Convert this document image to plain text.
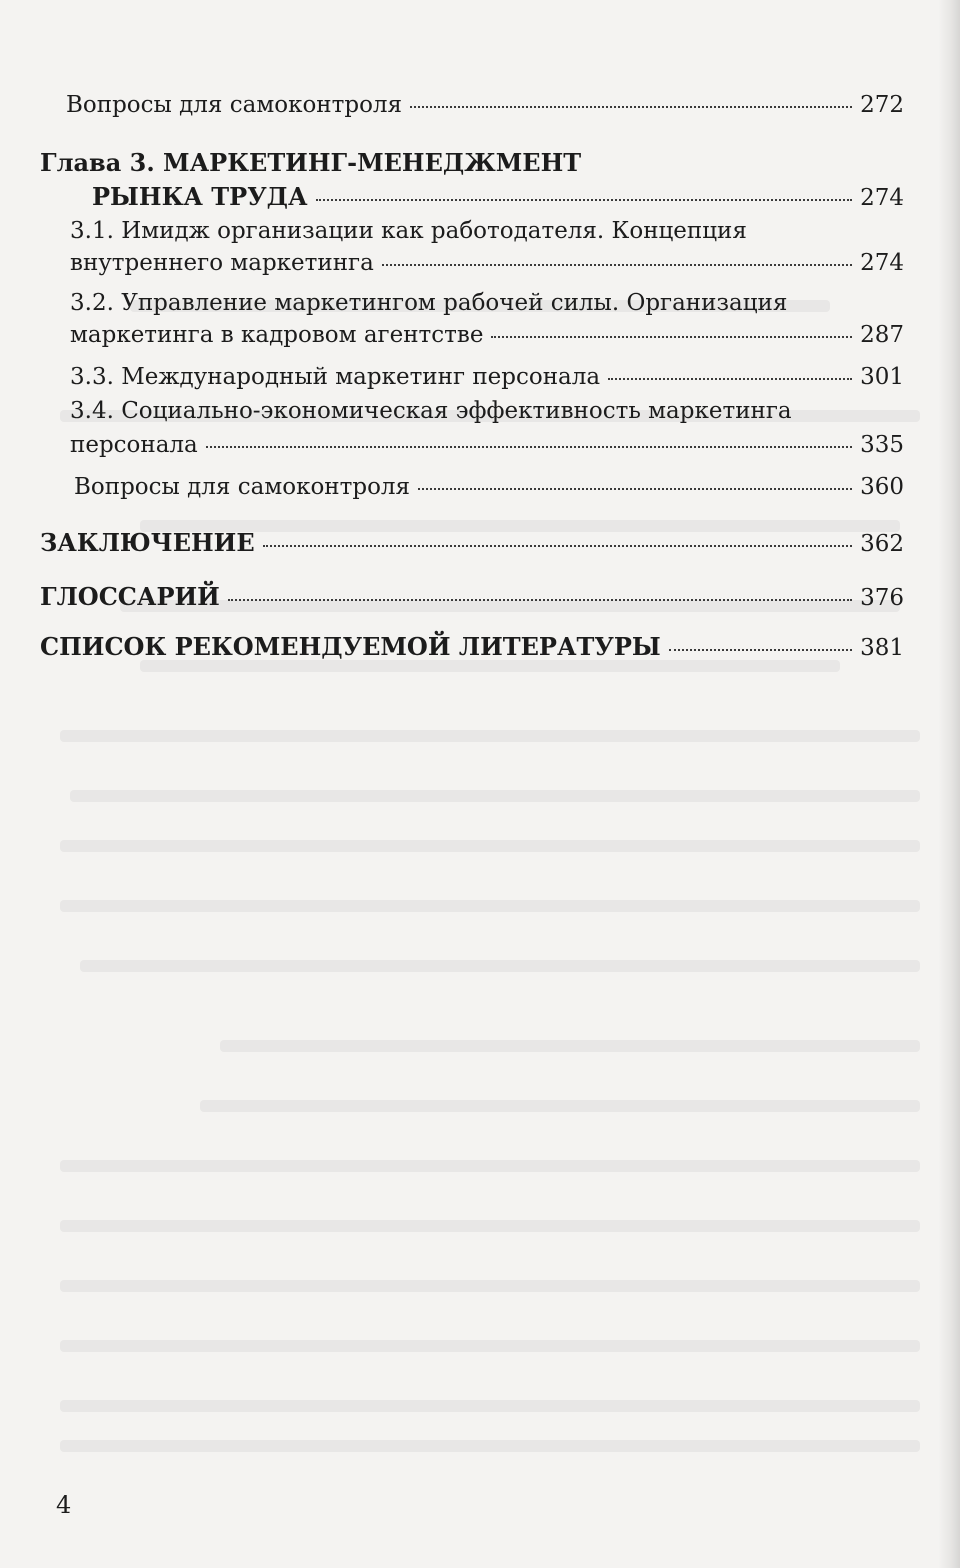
Вопросы для самоконтроля	272
Глава 3. МАРКЕТИНГ-МЕНЕДЖМЕНТ
РЫНКА ТРУДА	274
3.1. Имидж организации как работодателя. Концепция
внутреннего маркетинга	274
3.2. Управление маркетингом рабочей силы. Организация
маркетинга в кадровом агентстве	287
3.3. Международный маркетинг персонала	301
3.4. Социально-экономическая эффективность маркетинга
персонала	335
Вопросы для самоконтроля	360
ЗАКЛЮЧЕНИЕ	362
ГЛОССАРИЙ	376
СПИСОК РЕКОМЕНДУЕМОЙ ЛИТЕРАТУРЫ	381
4
